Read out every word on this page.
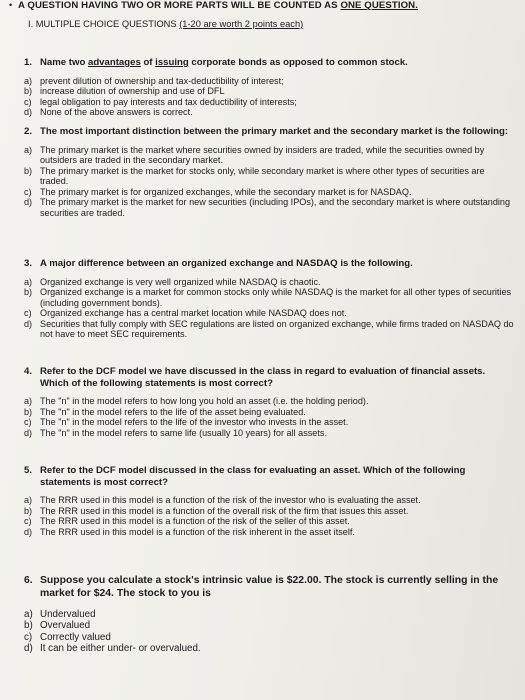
• A QUESTION HAVING TWO OR MORE PARTS WILL BE COUNTED AS ONE QUESTION.
I. MULTIPLE CHOICE QUESTIONS (1-20 are worth 2 points each)
1. Name two advantages of issuing corporate bonds as opposed to common stock.
a) prevent dilution of ownership and tax-deductibility of interest;
b) increase dilution of ownership and use of DFL
c) legal obligation to pay interests and tax deductibility of interests;
d) None of the above answers is correct.
2. The most important distinction between the primary market and the secondary market is the following:
a) The primary market is the market where securities owned by insiders are traded, while the securities owned by outsiders are traded in the secondary market.
b) The primary market is the market for stocks only, while secondary market is where other types of securities are traded.
c) The primary market is for organized exchanges, while the secondary market is for NASDAQ.
d) The primary market is the market for new securities (including IPOs), and the secondary market is where outstanding securities are traded.
3. A major difference between an organized exchange and NASDAQ is the following.
a) Organized exchange is very well organized while NASDAQ is chaotic.
b) Organized exchange is a market for common stocks only while NASDAQ is the market for all other types of securities (including government bonds).
c) Organized exchange has a central market location while NASDAQ does not.
d) Securities that fully comply with SEC regulations are listed on organized exchange, while firms traded on NASDAQ do not have to meet SEC requirements.
4. Refer to the DCF model we have discussed in the class in regard to evaluation of financial assets. Which of the following statements is most correct?
a) The "n" in the model refers to how long you hold an asset (i.e. the holding period).
b) The "n" in the model refers to the life of the asset being evaluated.
c) The "n" in the model refers to the life of the investor who invests in the asset.
d) The "n" in the model refers to same life (usually 10 years) for all assets.
5. Refer to the DCF model discussed in the class for evaluating an asset. Which of the following statements is most correct?
a) The RRR used in this model is a function of the risk of the investor who is evaluating the asset.
b) The RRR used in this model is a function of the overall risk of the firm that issues this asset.
c) The RRR used in this model is a function of the risk of the seller of this asset.
d) The RRR used in this model is a function of the risk inherent in the asset itself.
6. Suppose you calculate a stock's intrinsic value is $22.00. The stock is currently selling in the market for $24. The stock to you is
a) Undervalued
b) Overvalued
c) Correctly valued
d) It can be either under- or overvalued.
